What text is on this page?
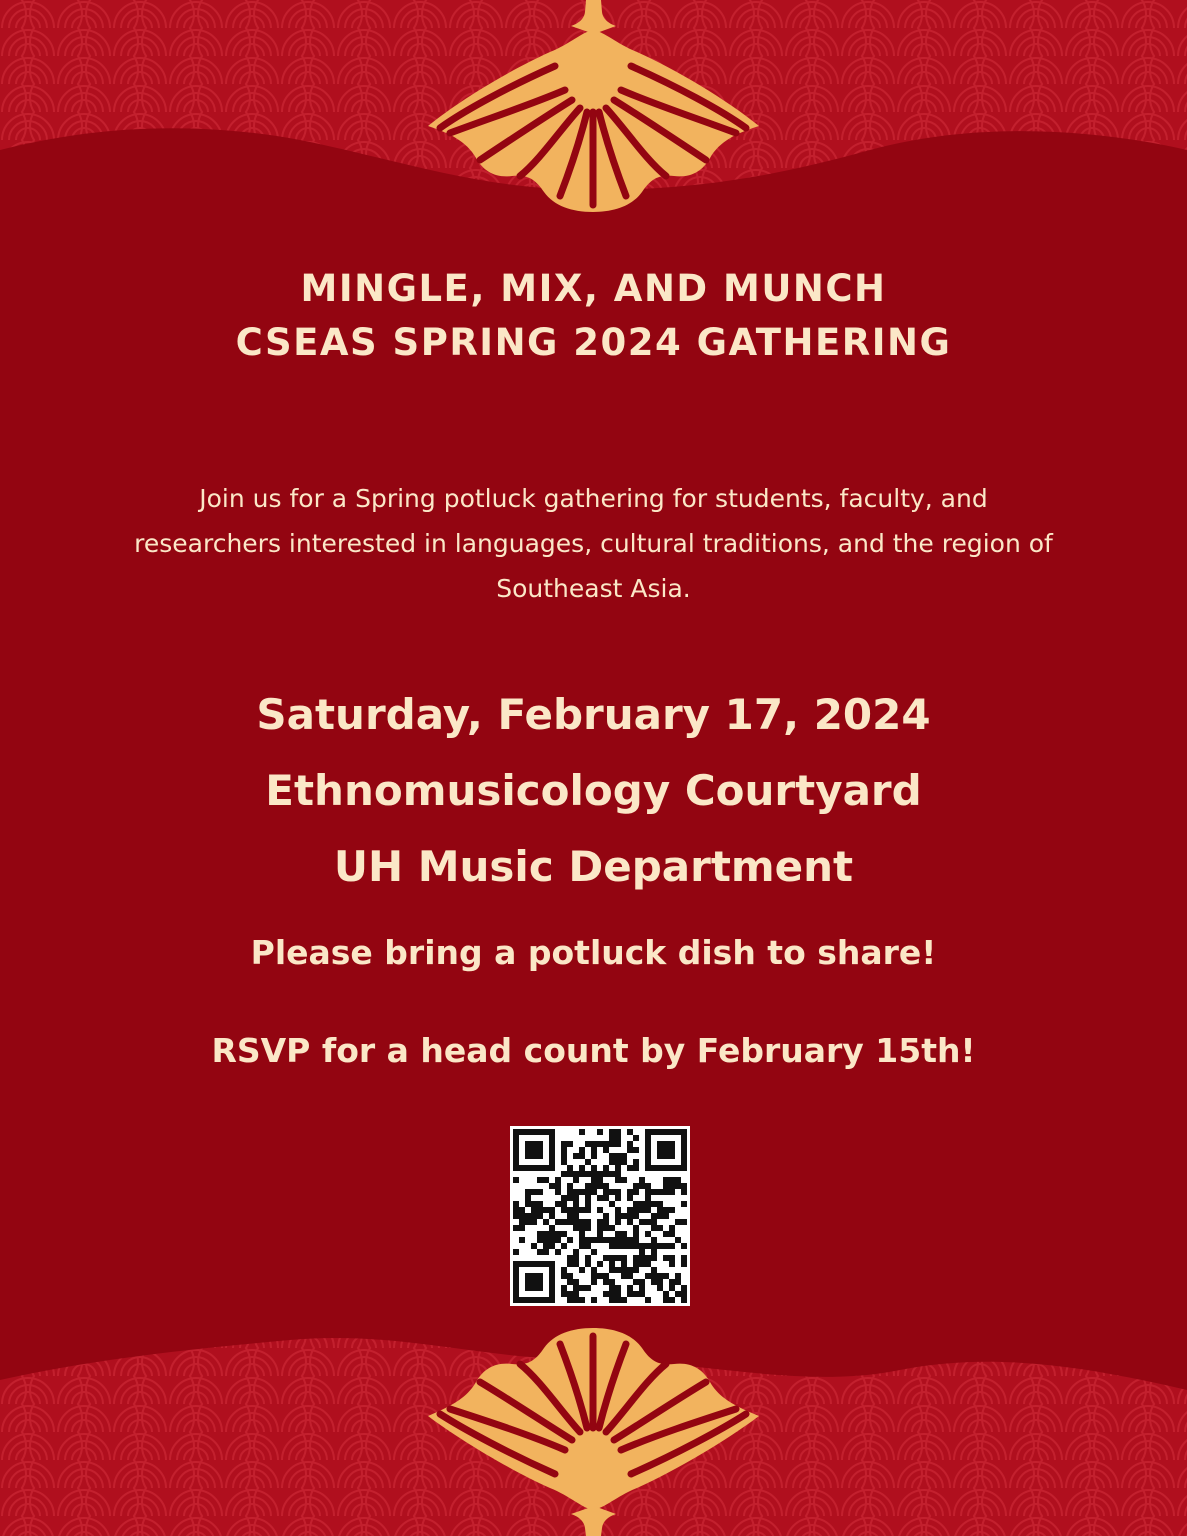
MINGLE, MIX, AND MUNCH
CSEAS SPRING 2024 GATHERING
Join us for a Spring potluck gathering for students, faculty, and researchers interested in languages, cultural traditions, and the region of Southeast Asia.
Saturday, February 17, 2024
Ethnomusicology Courtyard
UH Music Department
Please bring a potluck dish to share!
RSVP for a head count by February 15th!
